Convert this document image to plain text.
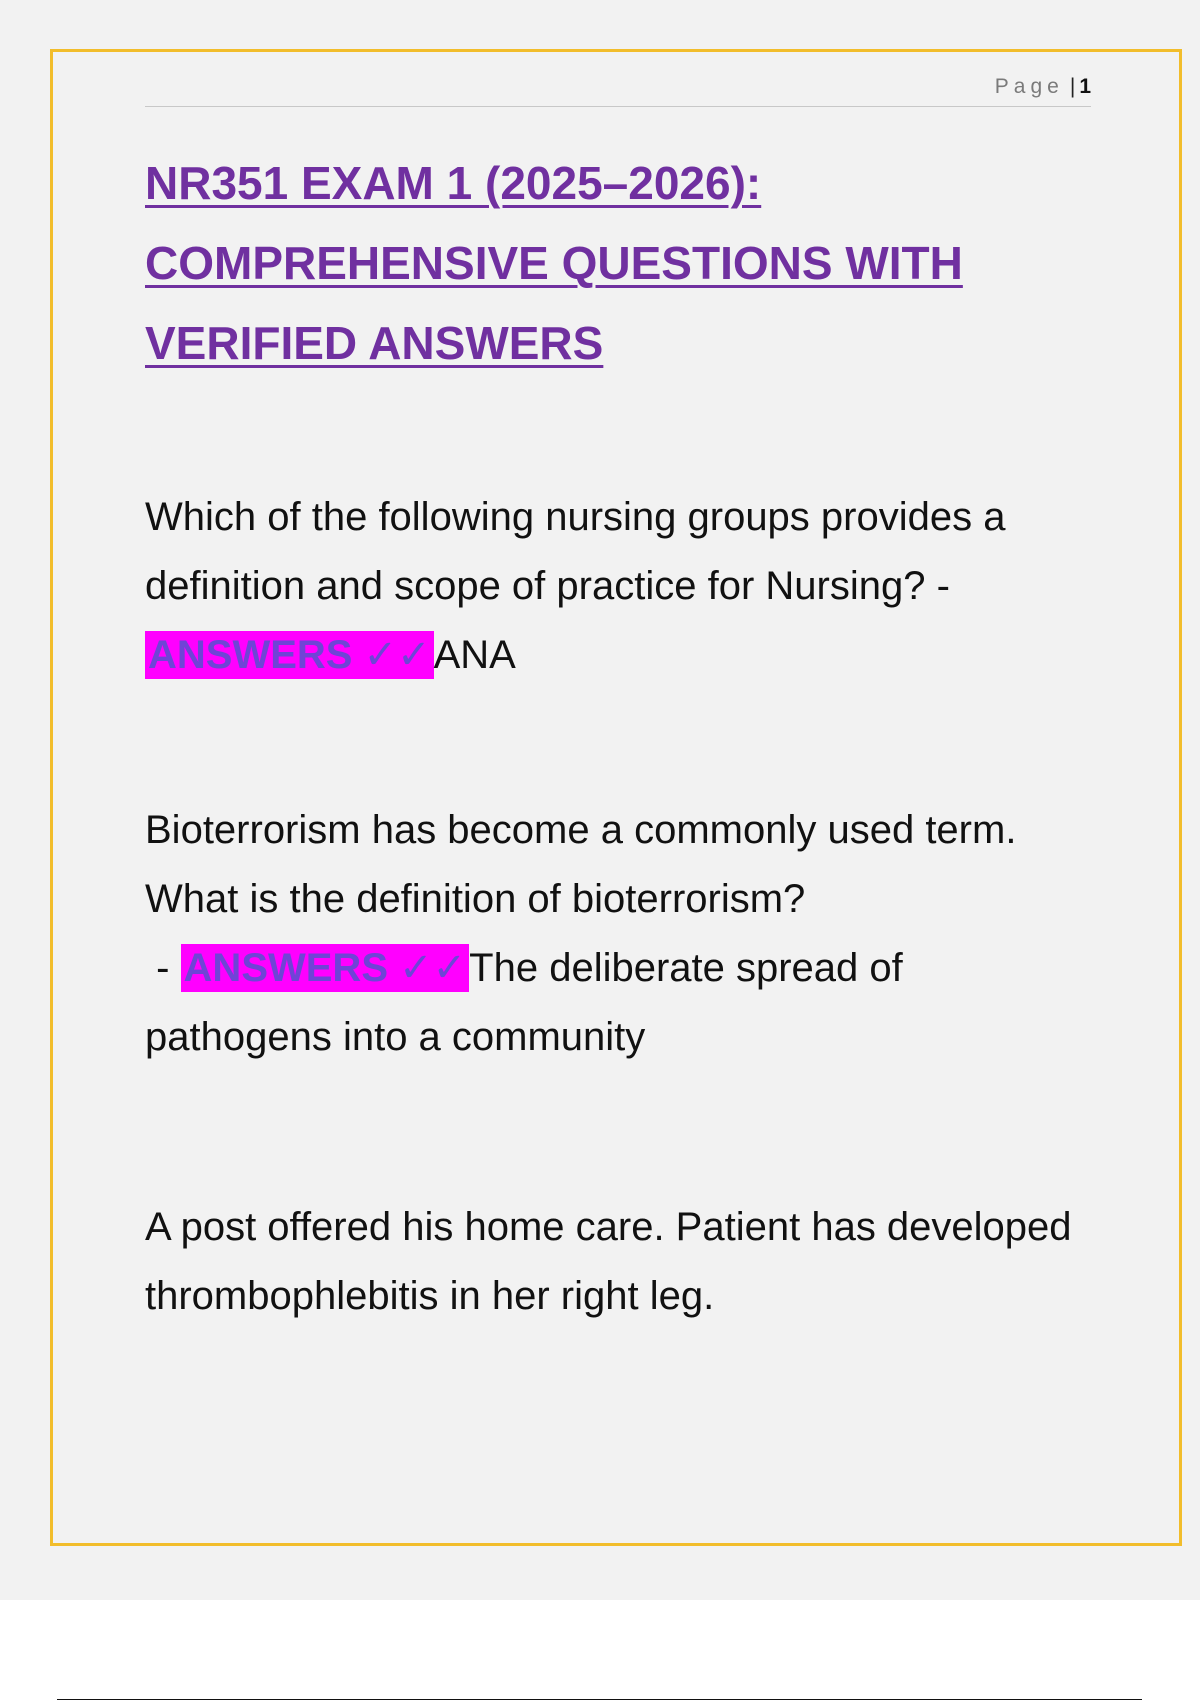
Page | 1
NR351 EXAM 1 (2025–2026): COMPREHENSIVE QUESTIONS WITH VERIFIED ANSWERS

Which of the following nursing groups provides a definition and scope of practice for Nursing? - ANSWERS ✓✓ANA

Bioterrorism has become a commonly used term. What is the definition of bioterrorism?
- ANSWERS ✓✓The deliberate spread of pathogens into a community

A post offered his home care. Patient has developed thrombophlebitis in her right leg.
